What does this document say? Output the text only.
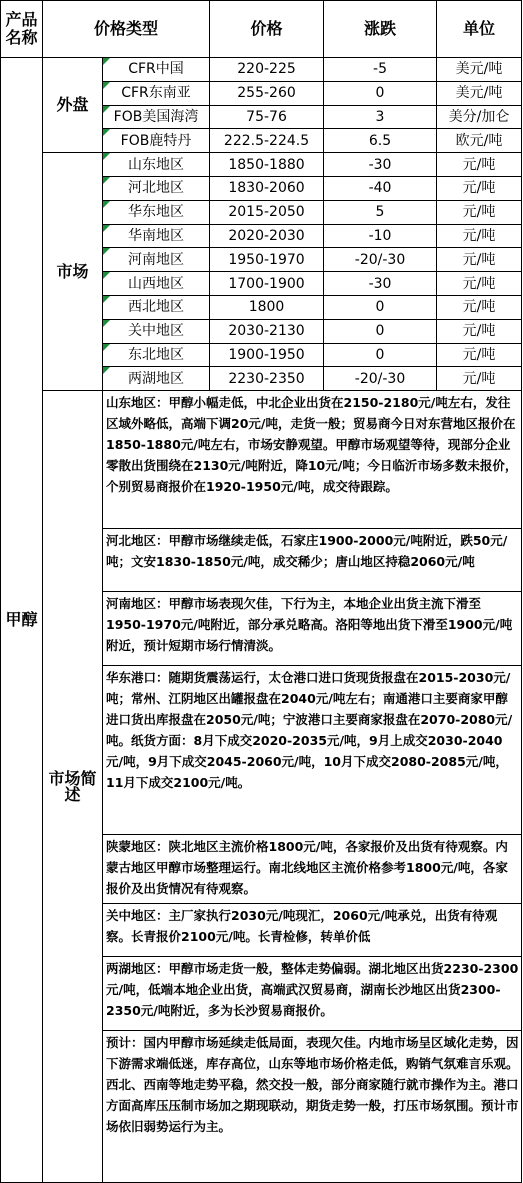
产品名称	价格类型		价格	涨跌	单位
甲醇	外盘	CFR中国	220-225	-5	美元/吨
		CFR东南亚	255-260	0	美元/吨
		FOB美国海湾	75-76	3	美分/加仑
		FOB鹿特丹	222.5-224.5	6.5	欧元/吨
	市场	山东地区	1850-1880	-30	元/吨
		河北地区	1830-2060	-40	元/吨
		华东地区	2015-2050	5	元/吨
		华南地区	2020-2030	-10	元/吨
		河南地区	1950-1970	-20/-30	元/吨
		山西地区	1700-1900	-30	元/吨
		西北地区	1800	0	元/吨
		关中地区	2030-2130	0	元/吨
		东北地区	1900-1950	0	元/吨
		两湖地区	2230-2350	-20/-30	元/吨
	市场简述	山东地区：甲醇小幅走低，中北企业出货在2150-2180元/吨左右，发往区域外略低，高端下调20元/吨，走货一般；贸易商今日对东营地区报价在1850-1880元/吨左右，市场安静观望。甲醇市场观望等待，现部分企业零散出货围绕在2130元/吨附近，降10元/吨；今日临沂市场多数未报价，个别贸易商报价在1920-1950元/吨，成交待跟踪。			
		河北地区：甲醇市场继续走低，石家庄1900-2000元/吨附近，跌50元/吨；文安1830-1850元/吨，成交稀少；唐山地区持稳2060元/吨			
		河南地区：甲醇市场表现欠佳，下行为主，本地企业出货主流下滑至1950-1970元/吨附近，部分承兑略高。洛阳等地出货下滑至1900元/吨附近，预计短期市场行情清淡。			
		华东港口：随期货震荡运行，太仓港口进口货现货报盘在2015-2030元/吨；常州、江阴地区出罐报盘在2040元/吨左右；南通港口主要商家甲醇进口货出库报盘在2050元/吨；宁波港口主要商家报盘在2070-2080元/吨。纸货方面：8月下成交2020-2035元/吨，9月上成交2030-2040元/吨，9月下成交2045-2060元/吨，10月下成交2080-2085元/吨，11月下成交2100元/吨。			
		陕蒙地区：陕北地区主流价格1800元/吨，各家报价及出货有待观察。内蒙古地区甲醇市场整理运行。南北线地区主流价格参考1800元/吨，各家报价及出货情况有待观察。			
		关中地区：主厂家执行2030元/吨现汇，2060元/吨承兑，出货有待观察。长青报价2100元/吨。长青检修，转单价低			
		两湖地区：甲醇市场走货一般，整体走势偏弱。湖北地区出货2230-2300元/吨，低端本地企业出货，高端武汉贸易商，湖南长沙地区出货2300-2350元/吨附近，多为长沙贸易商报价。			
		预计：国内甲醇市场延续走低局面，表现欠佳。内地市场呈区域化走势，因下游需求端低迷，库存高位，山东等地市场价格走低，购销气氛难言乐观。西北、西南等地走势平稳，然交投一般，部分商家随行就市操作为主。港口方面高库压压制市场加之期现联动，期货走势一般，打压市场氛围。预计市场依旧弱势运行为主。			
